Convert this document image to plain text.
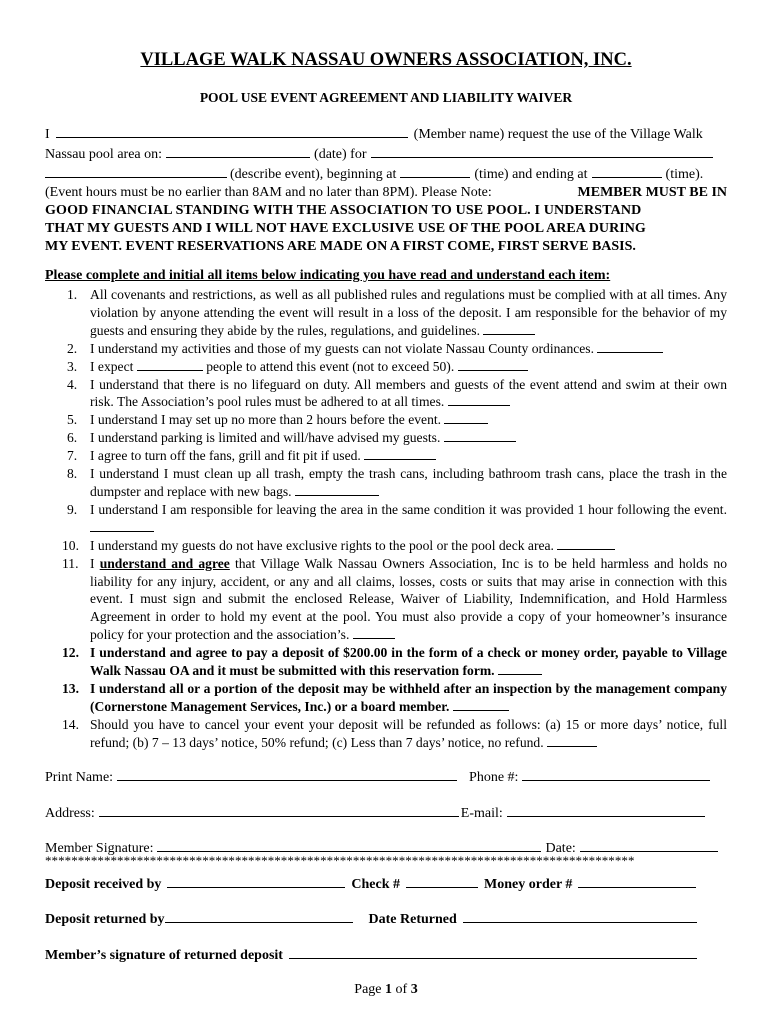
VILLAGE WALK NASSAU OWNERS ASSOCIATION, INC.
POOL USE EVENT AGREEMENT AND LIABILITY WAIVER
I	(Member name) request the use of the Village Walk
Nassau pool area on:	(date) for
(describe event), beginning at	(time) and ending at	(time).
(Event hours must be no earlier than 8AM and no later than 8PM). Please Note:	MEMBER MUST BE IN
GOOD FINANCIAL STANDING WITH THE ASSOCIATION TO USE POOL. I UNDERSTAND
THAT MY GUESTS AND I WILL NOT HAVE EXCLUSIVE USE OF THE POOL AREA DURING
MY EVENT. EVENT RESERVATIONS ARE MADE ON A FIRST COME, FIRST SERVE BASIS.
Please complete and initial all items below indicating you have read and understand each item:
1. All covenants and restrictions, as well as all published rules and regulations must be complied with at all times. Any violation by anyone attending the event will result in a loss of the deposit. I am responsible for the behavior of my guests and ensuring they abide by the rules, regulations, and guidelines.
2. I understand my activities and those of my guests can not violate Nassau County ordinances.
3. I expect	people to attend this event (not to exceed 50).
4. I understand that there is no lifeguard on duty. All members and guests of the event attend and swim at their own risk. The Association’s pool rules must be adhered to at all times.
5. I understand I may set up no more than 2 hours before the event.
6. I understand parking is limited and will/have advised my guests.
7. I agree to turn off the fans, grill and fit pit if used.
8. I understand I must clean up all trash, empty the trash cans, including bathroom trash cans, place the trash in the dumpster and replace with new bags.
9. I understand I am responsible for leaving the area in the same condition it was provided 1 hour following the event.
10. I understand my guests do not have exclusive rights to the pool or the pool deck area.
11. I understand and agree that Village Walk Nassau Owners Association, Inc is to be held harmless and holds no liability for any injury, accident, or any and all claims, losses, costs or suits that may arise in connection with this event. I must sign and submit the enclosed Release, Waiver of Liability, Indemnification, and Hold Harmless Agreement in order to hold my event at the pool. You must also provide a copy of your homeowner’s insurance policy for your protection and the association’s.
12. I understand and agree to pay a deposit of $200.00 in the form of a check or money order, payable to Village Walk Nassau OA and it must be submitted with this reservation form.
13. I understand all or a portion of the deposit may be withheld after an inspection by the management company (Cornerstone Management Services, Inc.) or a board member.
14. Should you have to cancel your event your deposit will be refunded as follows: (a) 15 or more days’ notice, full refund; (b) 7 – 13 days’ notice, 50% refund; (c) Less than 7 days’ notice, no refund.
Print Name:	Phone #:
Address:	E-mail:
Member Signature:	Date:
******************************************************************************************
Deposit received by	Check #	Money order #
Deposit returned by	Date Returned
Member’s signature of returned deposit
Page 1 of 3
